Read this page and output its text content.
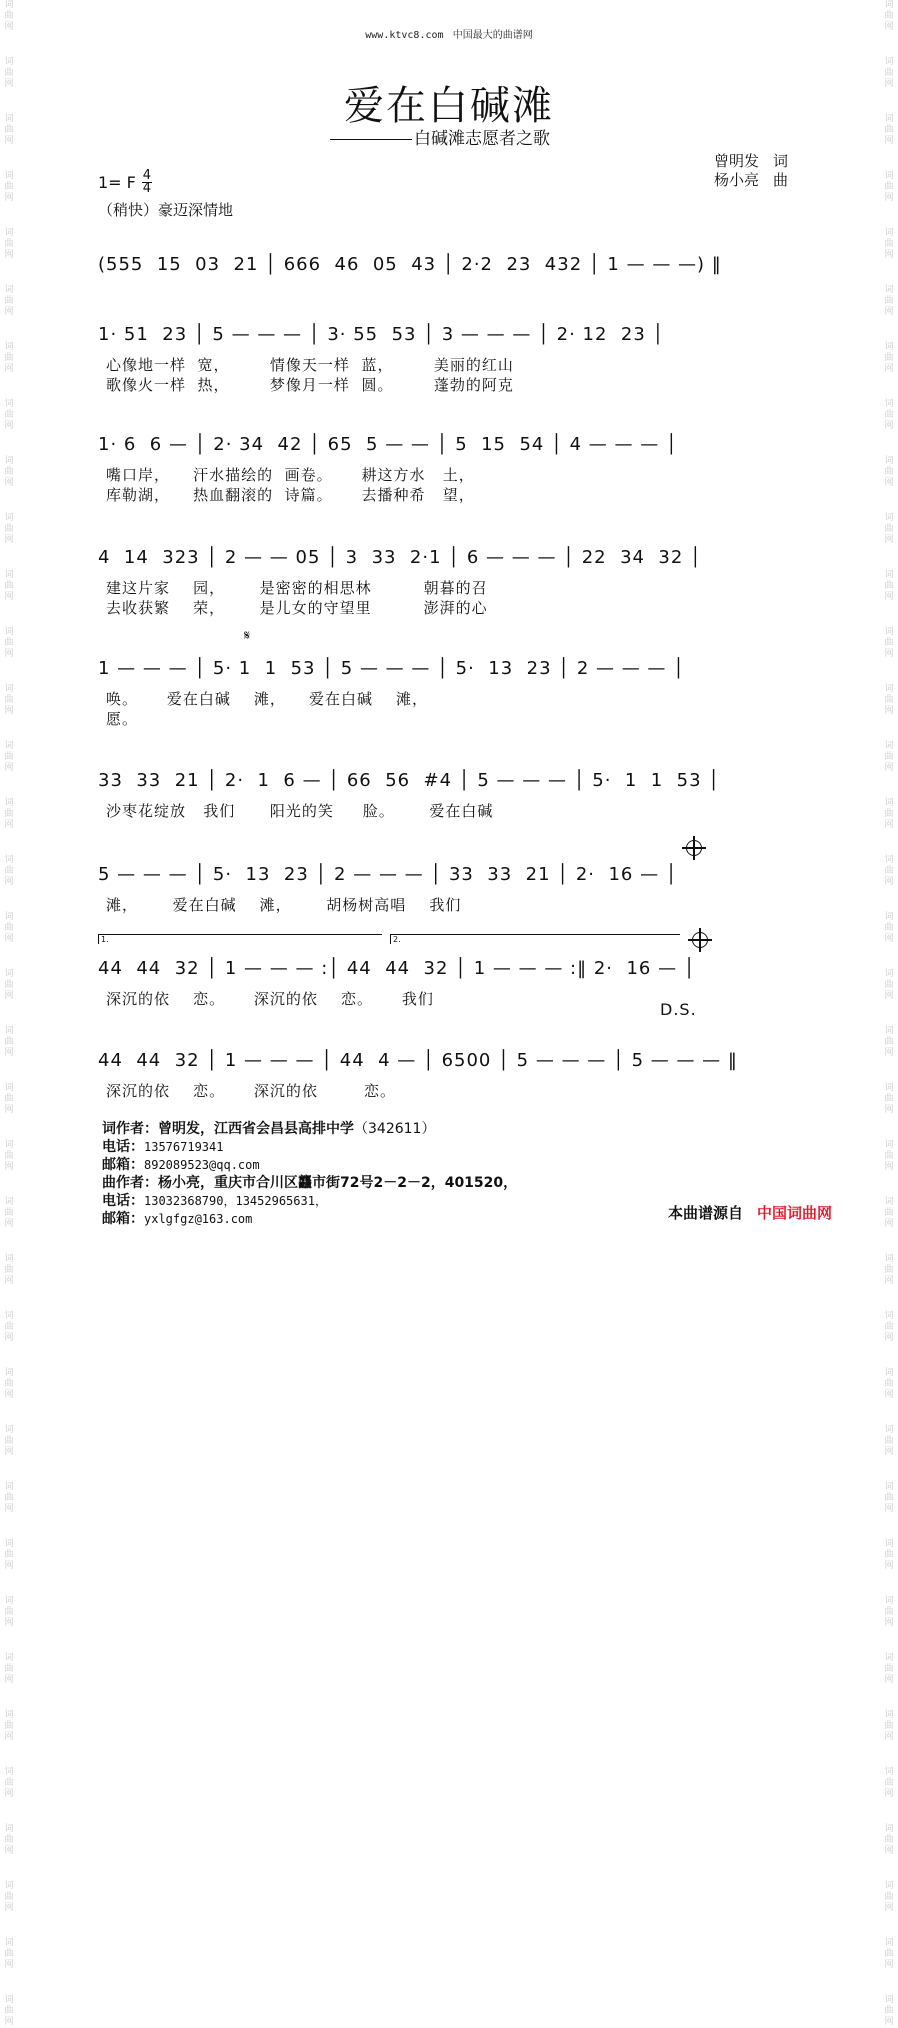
词
曲
网
词
曲
网
词
曲
网
词
曲
网
词
曲
网
词
曲
网
词
曲
网
词
曲
网
词
曲
网
词
曲
网
词
曲
网
词
曲
网
词
曲
网
词
曲
网
词
曲
网
词
曲
网
词
曲
网
词
曲
网
词
曲
网
词
曲
网
词
曲
网
词
曲
网
词
曲
网
词
曲
网
词
曲
网
词
曲
网
词
曲
网
词
曲
网
词
曲
网
词
曲
网
词
曲
网
词
曲
网
词
曲
网
词
曲
网
词
曲
网
词
曲
网
词
曲
网
词
曲
网
词
曲
网
词
曲
网
词
曲
网
词
曲
网
词
曲
网
词
曲
网
词
曲
网
词
曲
网
词
曲
网
词
曲
网
词
曲
网
词
曲
网
词
曲
网
词
曲
网
词
曲
网
词
曲
网
词
曲
网
词
曲
网
词
曲
网
词
曲
网
词
曲
网
词
曲
网
词
曲
网
词
曲
网
词
曲
网
词
曲
网
词
曲
网
词
曲
网
词
曲
网
词
曲
网
词
曲
网
词
曲
网
词
曲
网
词
曲
网
www.ktvc8.com 中国最大的曲谱网
爱在白碱滩
白碱滩志愿者之歌
曾明发 词
杨小亮 曲
1= F $\frac{4}{4}$
（稍快）豪迈深情地
(555  15  03  21 │ 666  46  05  43 │ 2·2  23  432 │ 1 — — —) ‖
1· 51  23 │ 5 — — — │ 3· 55  53 │ 3 — — — │ 2· 12  23 │
心像地一样  宽，       情像天一样  蓝，       美丽的红山
歌像火一样  热，       梦像月一样  圆。       蓬勃的阿克
1· 6  6 — │ 2· 34  42 │ 65  5 — — │ 5  15  54 │ 4 — — — │
嘴口岸，    汗水描绘的  画卷。     耕这方水   土，
库勒湖，    热血翻滚的  诗篇。     去播种希   望，
4  14  323 │ 2 — — 05 │ 3  33  2·1 │ 6 — — — │ 22  34  32 │
建这片家    园，      是密密的相思林         朝暮的召
去收获繁    荣，      是儿女的守望里         澎湃的心
𝄋
1 — — — │ 5· 1  1  53 │ 5 — — — │ 5·  13  23 │ 2 — — — │
唤。     爱在白碱    滩，    爱在白碱    滩，
愿。
33  33  21 │ 2·  1  6 — │ 66  56  #4 │ 5 — — — │ 5·  1  1  53 │
沙枣花绽放   我们      阳光的笑     脸。      爱在白碱
5 — — — │ 5·  13  23 │ 2 — — — │ 33  33  21 │ 2·  16 — │
滩，      爱在白碱    滩，      胡杨树高唱    我们
1.	2.
44  44  32 │ 1 — — — :│ 44  44  32 │ 1 — — — :‖ 2·  16 — │
深沉的依    恋。     深沉的依    恋。     我们
D.S.
44  44  32 │ 1 — — — │ 44  4 — │ 6500 │ 5 — — — │ 5 — — — ‖
深沉的依    恋。     深沉的依        恋。
词作者：曾明发，江西省会昌县高排中学（342611）
电话：13576719341
邮箱：892089523@qq.com
曲作者：杨小亮，重庆市合川区龘市街72号2－2－2，401520，
电话：13032368790，13452965631，
邮箱：yxlgfgz@163.com	本曲谱源自 中国词曲网
